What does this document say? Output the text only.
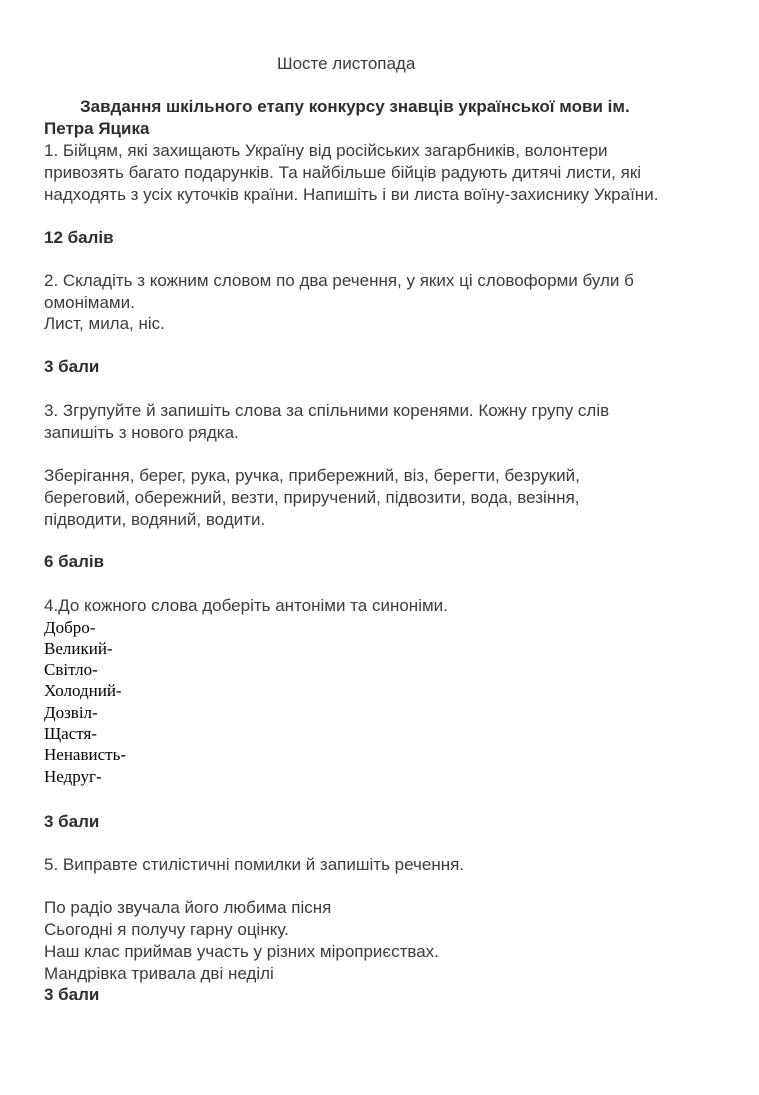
Шосте листопада
Завдання шкільного етапу конкурсу знавців української мови ім.
Петра Яцика
1. Бійцям, які захищають Україну від російських загарбників, волонтери
привозять багато подарунків. Та найбільше бійців радують дитячі листи, які
надходять з усіх куточків країни. Напишіть і ви листа воїну-захиснику України.
12 балів
2. Складіть з кожним словом по два речення, у яких ці словоформи були б
омонімами.
Лист, мила, ніс.
3 бали
3. Згрупуйте й запишіть слова за спільними коренями. Кожну групу слів
запишіть з нового рядка.
Зберігання, берег, рука, ручка, прибережний, віз, берегти, безрукий,
береговий, обережний, везти, приручений, підвозити, вода, везіння,
підводити, водяний, водити.
6 балів
4.До кожного слова доберіть антоніми та синоніми.
Добро-
Великий-
Світло-
Холодний-
Дозвіл-
Щастя-
Ненависть-
Недруг-
3 бали
5. Виправте стилістичні помилки й запишіть речення.
По радіо звучала його любима пісня
Сьогодні я получу гарну оцінку.
Наш клас приймав участь у різних міроприєствах.
Мандрівка тривала дві неділі
3 бали
